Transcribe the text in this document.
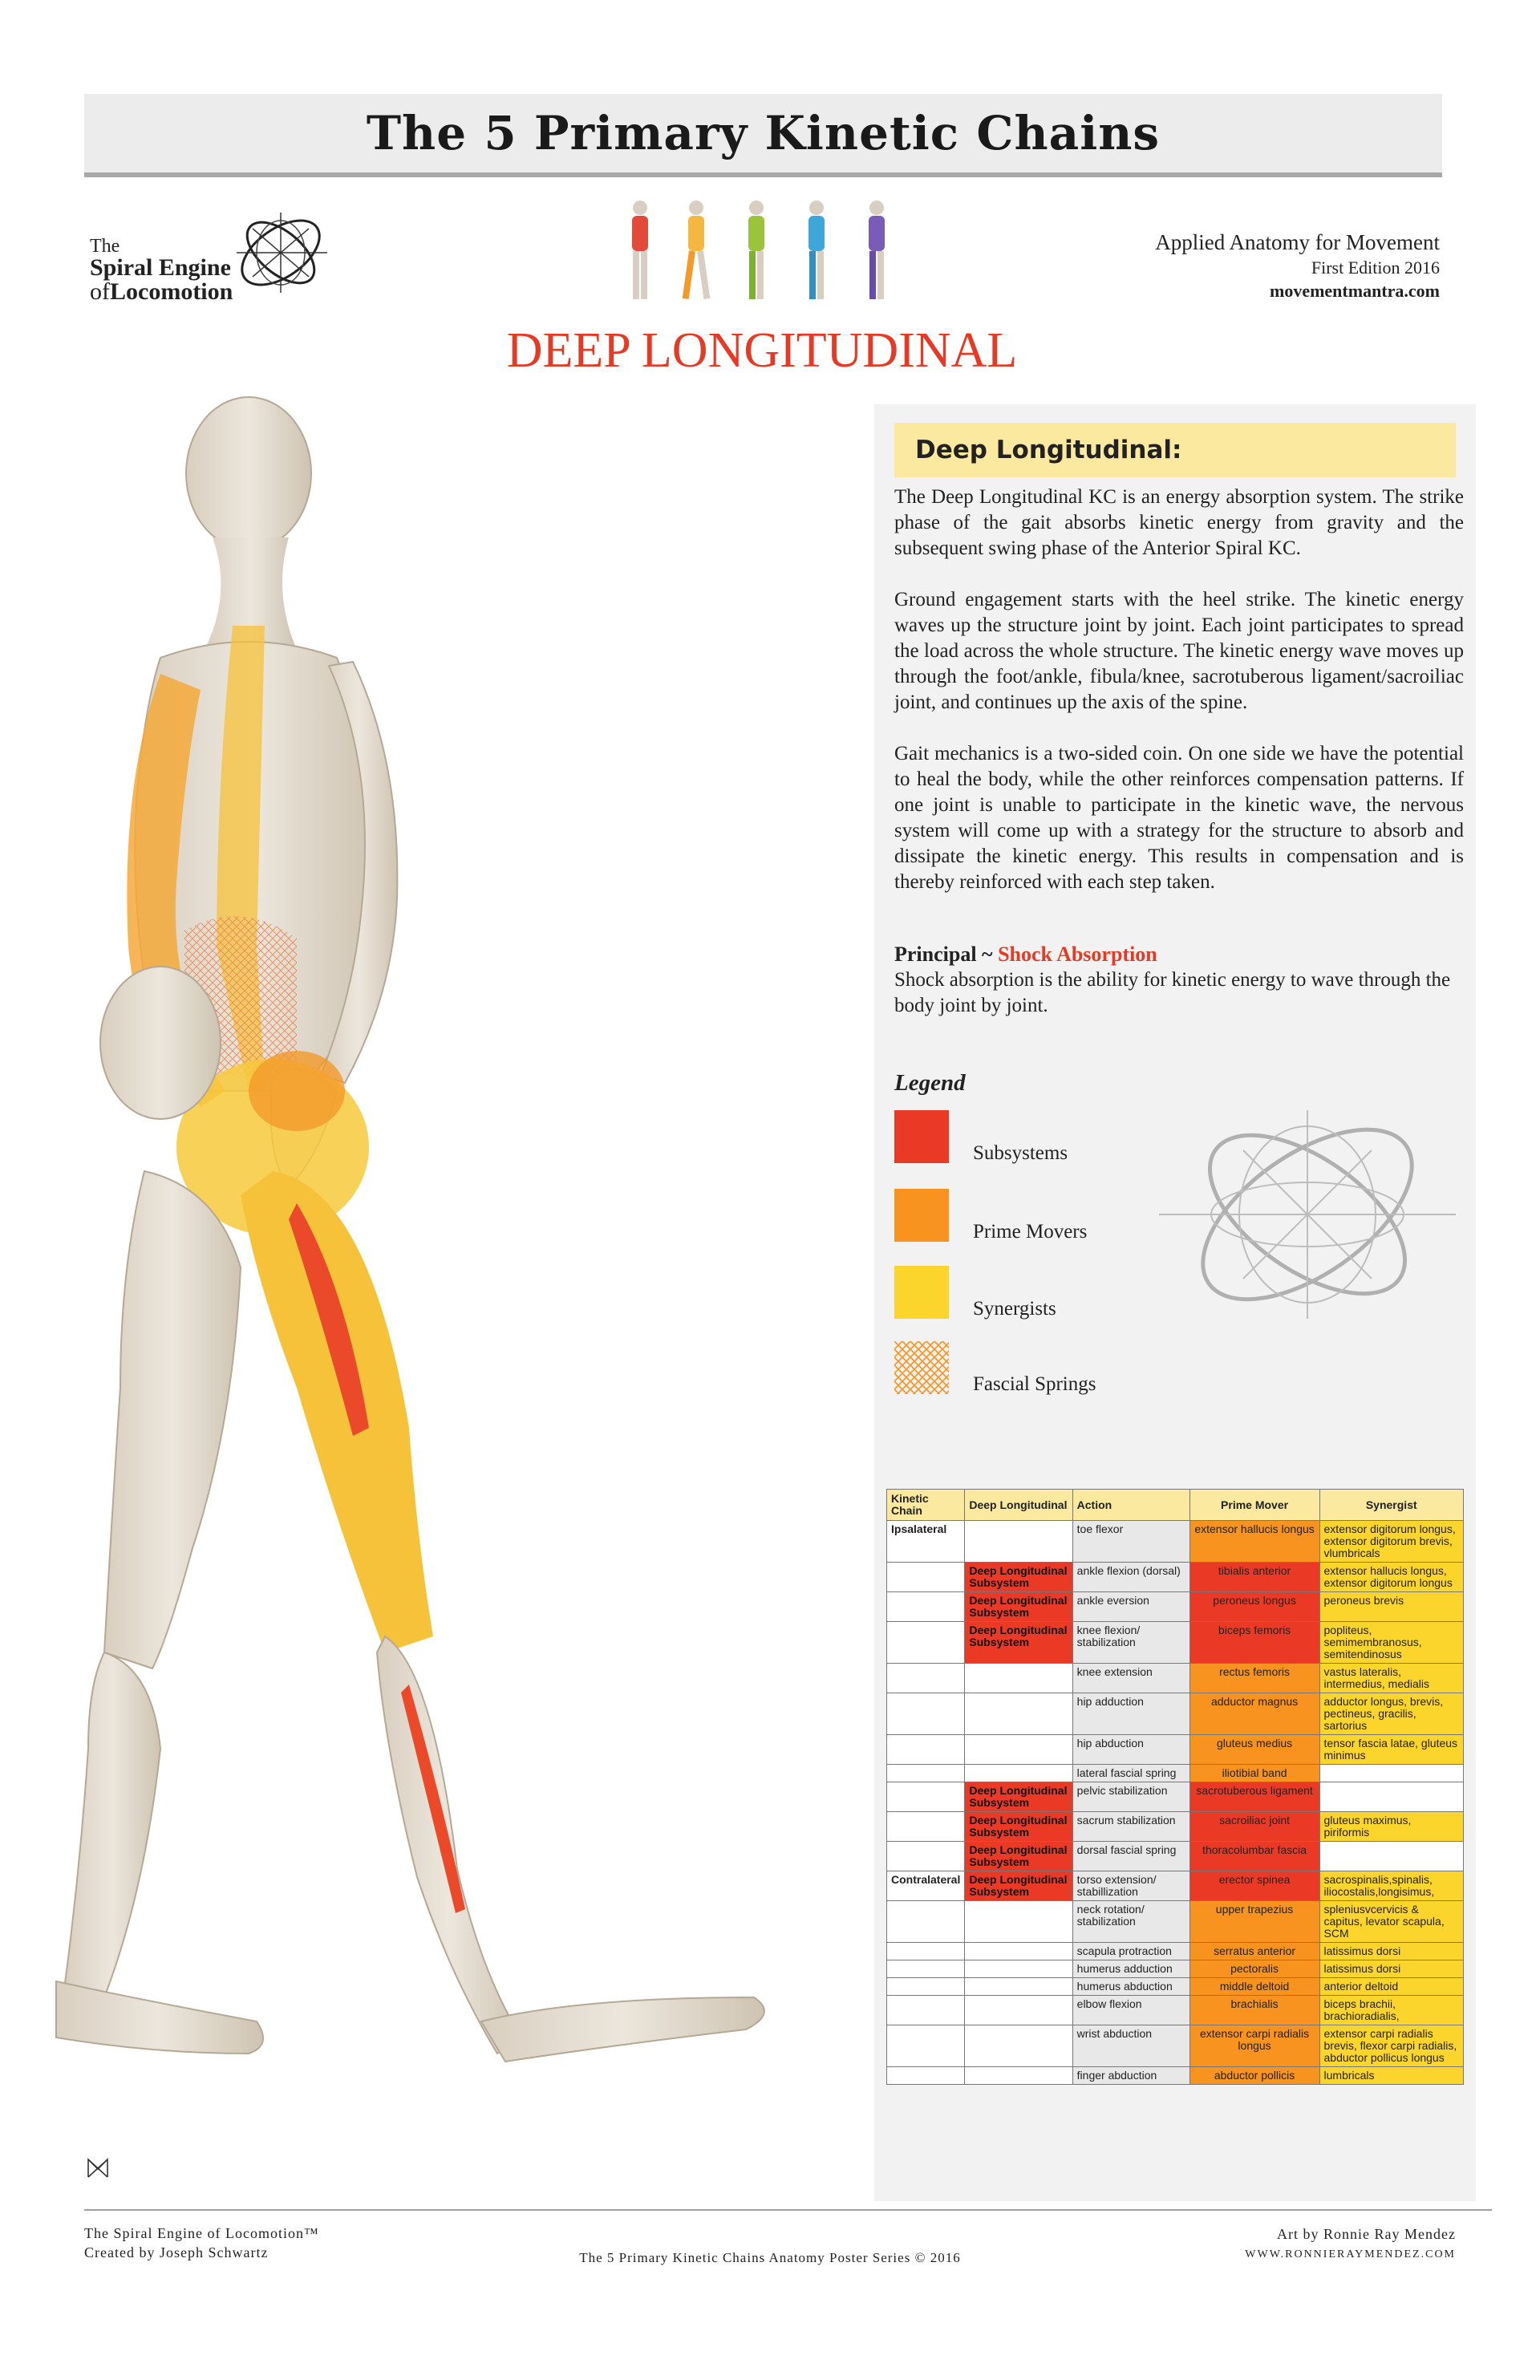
The 5 Primary Kinetic Chains
The
Spiral Engine
ofLocomotion
Applied Anatomy for Movement
First Edition 2016
movementmantra.com
DEEP LONGITUDINAL
Deep Longitudinal:

The Deep Longitudinal KC is an energy absorption system. The strike phase of the gait absorbs kinetic energy from gravity and the subsequent swing phase of the Anterior Spiral KC.

Ground engagement starts with the heel strike. The kinetic energy waves up the structure joint by joint. Each joint participates to spread the load across the whole structure. The kinetic energy wave moves up through the foot/ankle, fibula/knee, sacrotuberous ligament/sacroiliac joint, and continues up the axis of the spine.

Gait mechanics is a two-sided coin. On one side we have the potential to heal the body, while the other reinforces compensation patterns. If one joint is unable to participate in the kinetic wave, the nervous system will come up with a strategy for the structure to absorb and dissipate the kinetic energy. This results in compensation and is thereby reinforced with each step taken.

Principal ~ Shock Absorption
Shock absorption is the ability for kinetic energy to wave through the body joint by joint.
Legend
Subsystems
Prime Movers
Synergists
Fascial Springs
Kinetic Chain	Deep Longitudinal	Action	Prime Mover	Synergist
Ipsalateral		toe flexor	extensor hallucis longus	extensor digitorum longus, extensor digitorum brevis, vlumbricals
	Deep Longitudinal Subsystem	ankle flexion (dorsal)	tibialis anterior	extensor hallucis longus, extensor digitorum longus
	Deep Longitudinal Subsystem	ankle eversion	peroneus longus	peroneus brevis
	Deep Longitudinal Subsystem	knee flexion/ stabilization	biceps femoris	popliteus, semimembranosus, semitendinosus
		knee extension	rectus femoris	vastus lateralis, intermedius, medialis
		hip adduction	adductor magnus	adductor longus, brevis, pectineus, gracilis, sartorius
		hip abduction	gluteus medius	tensor fascia latae, gluteus minimus
		lateral fascial spring	iliotibial band	
	Deep Longitudinal Subsystem	pelvic stabilization	sacrotuberous ligament	
	Deep Longitudinal Subsystem	sacrum stabilization	sacroiliac joint	gluteus maximus, piriformis
	Deep Longitudinal Subsystem	dorsal fascial spring	thoracolumbar fascia	
Contralateral	Deep Longitudinal Subsystem	torso extension/ stabillization	erector spinea	sacrospinalis,spinalis, iliocostalis,longisimus,
		neck rotation/ stabilization	upper trapezius	spleniusvcervicis & capitus, levator scapula, SCM
		scapula protraction	serratus anterior	latissimus dorsi
		humerus adduction	pectoralis	latissimus dorsi
		humerus abduction	middle deltoid	anterior deltoid
		elbow flexion	brachialis	biceps brachii, brachioradialis,
		wrist abduction	extensor carpi radialis longus	extensor carpi radialis brevis, flexor carpi radialis, abductor pollicus longus
		finger abduction	abductor pollicis	lumbricals
The Spiral Engine of Locomotion™
Created by Joseph Schwartz	The 5 Primary Kinetic Chains Anatomy Poster Series © 2016
Art by Ronnie Ray Mendez
WWW.RONNIERAYMENDEZ.COM
